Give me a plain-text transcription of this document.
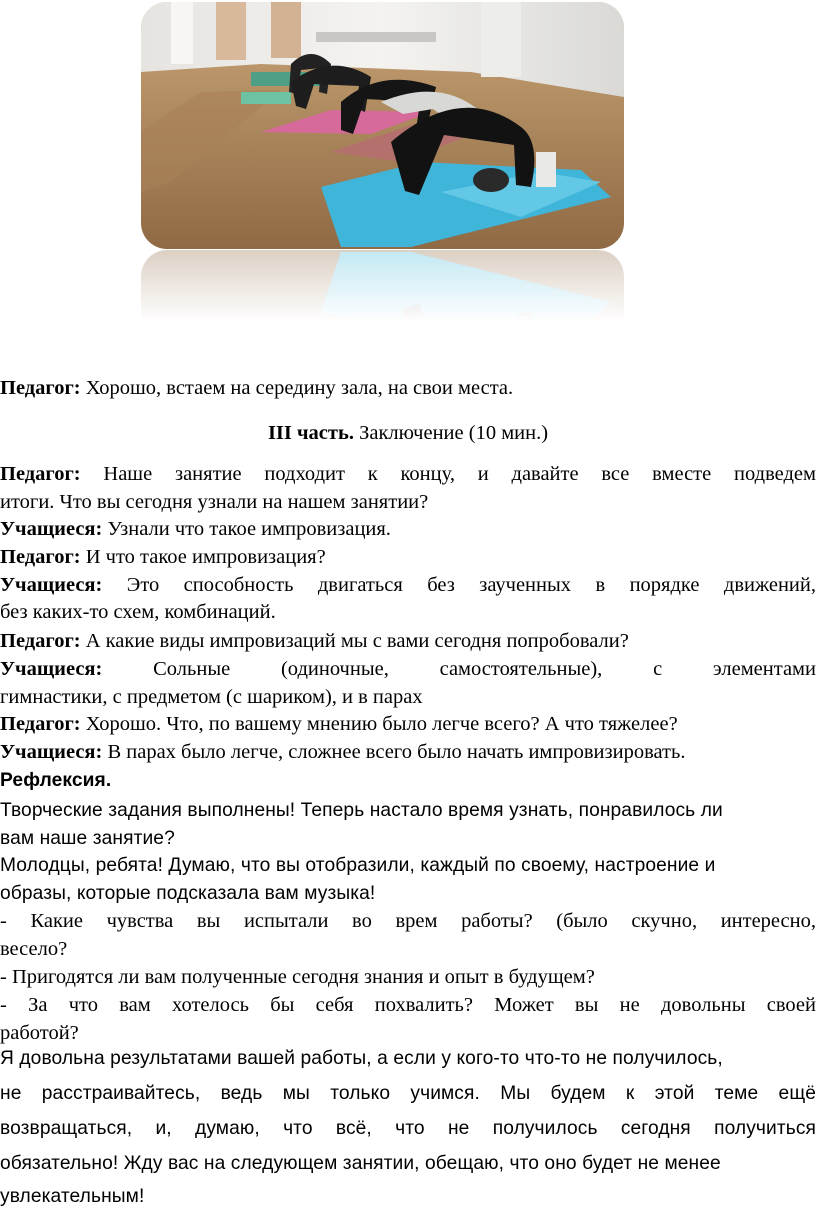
Педагог: Хорошо, встаем на середину зала, на свои места.
III часть. Заключение (10 мин.)
Педагог: Наше занятие подходит к концу, и давайте все вместе подведем
итоги. Что вы сегодня узнали на нашем занятии?
Учащиеся: Узнали что такое импровизация.
Педагог: И что такое импровизация?
Учащиеся: Это способность двигаться без заученных в порядке движений,
без каких-то схем, комбинаций.
Педагог: А какие виды импровизаций мы с вами сегодня попробовали?
Учащиеся: Сольные (одиночные, самостоятельные), с элементами
гимнастики, с предметом (с шариком), и в парах
Педагог: Хорошо. Что, по вашему мнению было легче всего? А что тяжелее?
Учащиеся: В парах было легче, сложнее всего было начать импровизировать.
Рефлексия.
Творческие задания выполнены! Теперь настало время узнать, понравилось ли
вам наше занятие?
Молодцы, ребята! Думаю, что вы отобразили, каждый по своему, настроение и
образы, которые подсказала вам музыка!
- Какие чувства вы испытали во врем работы? (было скучно, интересно,
весело?
- Пригодятся ли вам полученные сегодня знания и опыт в будущем?
- За что вам хотелось бы себя похвалить? Может вы не довольны своей
работой?
Я довольна результатами вашей работы, а если у кого-то что-то не получилось,
не расстраивайтесь, ведь мы только учимся. Мы будем к этой теме ещё
возвращаться, и, думаю, что всё, что не получилось сегодня получиться
обязательно! Жду вас на следующем занятии, обещаю, что оно будет не менее
увлекательным!
